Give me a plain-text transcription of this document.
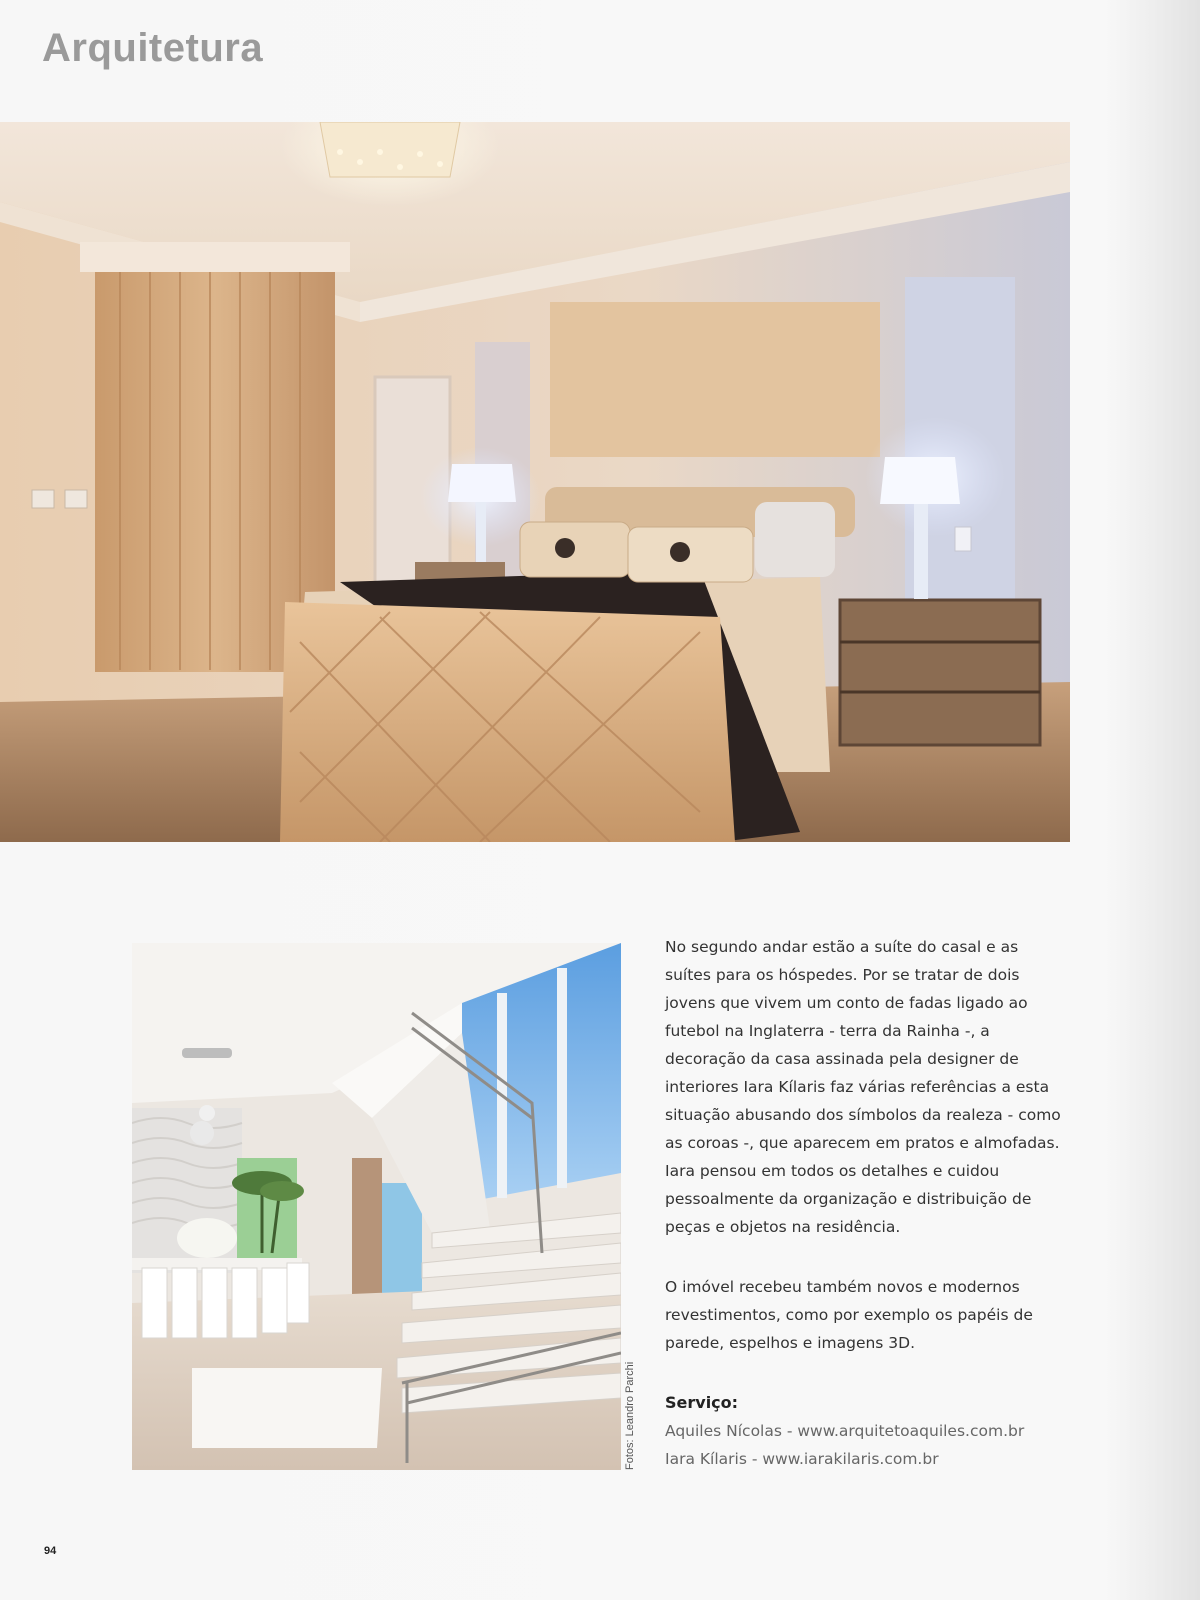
Arquitetura
Fotos: Leandro Parchi

No segundo andar estão a suíte do casal e as suítes para os hóspedes. Por se tratar de dois jovens que vivem um conto de fadas ligado ao futebol na Inglaterra - terra da Rainha -, a decoração da casa assinada pela designer de interiores Iara Kílaris faz várias referências a esta situação abusando dos símbolos da realeza - como as coroas -, que aparecem em pratos e almofadas. Iara pensou em todos os detalhes e cuidou pessoalmente da organização e distribuição de peças e objetos na residência.

O imóvel recebeu também novos e modernos revestimentos, como por exemplo os papéis de parede, espelhos e imagens 3D.

Serviço:
Aquiles Nícolas - www.arquitetoaquiles.com.br
Iara Kílaris - www.iarakilaris.com.br
94
